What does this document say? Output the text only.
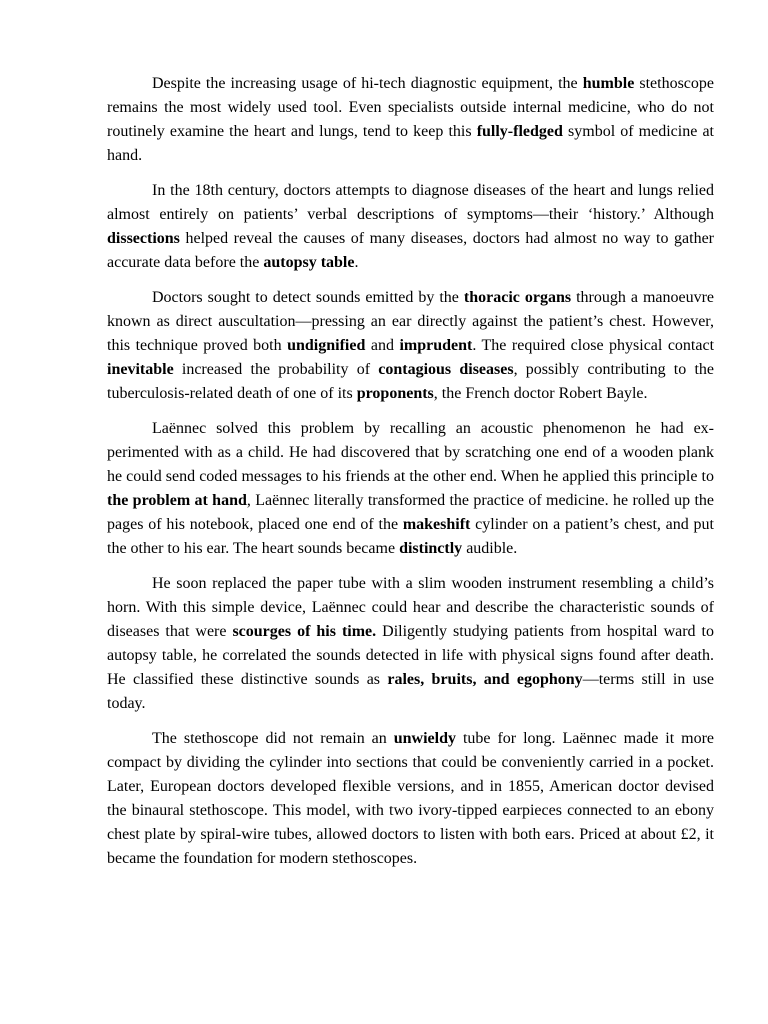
Despite the increasing usage of hi-tech diagnostic equipment, the humble stethoscope remains the most widely used tool. Even specialists outside internal medicine, who do not routinely examine the heart and lungs, tend to keep this fully-fledged symbol of medicine at hand.

In the 18th century, doctors attempts to diagnose diseases of the heart and lungs relied almost entirely on patients’ verbal descriptions of symptoms—their ‘history.’ Although dissections helped reveal the causes of many diseases, doctors had almost no way to gather accurate data before the autopsy table.

Doctors sought to detect sounds emitted by the thoracic organs through a manoeuvre known as direct auscultation—pressing an ear directly against the patient’s chest. However, this technique proved both undignified and imprudent. The required close physical contact inevitable increased the probability of contagious diseases, possibly contributing to the tuberculosis-related death of one of its proponents, the French doctor Robert Bayle.

Laënnec solved this problem by recalling an acoustic phenomenon he had experimented with as a child. He had discovered that by scratching one end of a wooden plank he could send coded messages to his friends at the other end. When he applied this principle to the problem at hand, Laënnec literally transformed the practice of medicine. he rolled up the pages of his notebook, placed one end of the makeshift cylinder on a patient’s chest, and put the other to his ear. The heart sounds became distinctly audible.

He soon replaced the paper tube with a slim wooden instrument resembling a child’s horn. With this simple device, Laënnec could hear and describe the characteristic sounds of diseases that were scourges of his time. Diligently studying patients from hospital ward to autopsy table, he correlated the sounds detected in life with physical signs found after death. He classified these distinctive sounds as rales, bruits, and egophony—terms still in use today.

The stethoscope did not remain an unwieldy tube for long. Laënnec made it more compact by dividing the cylinder into sections that could be conveniently carried in a pocket. Later, European doctors developed flexible versions, and in 1855, American doctor devised the binaural stethoscope. This model, with two ivory-tipped earpieces connected to an ebony chest plate by spiral-wire tubes, allowed doctors to listen with both ears. Priced at about £2, it became the foundation for modern stethoscopes.
